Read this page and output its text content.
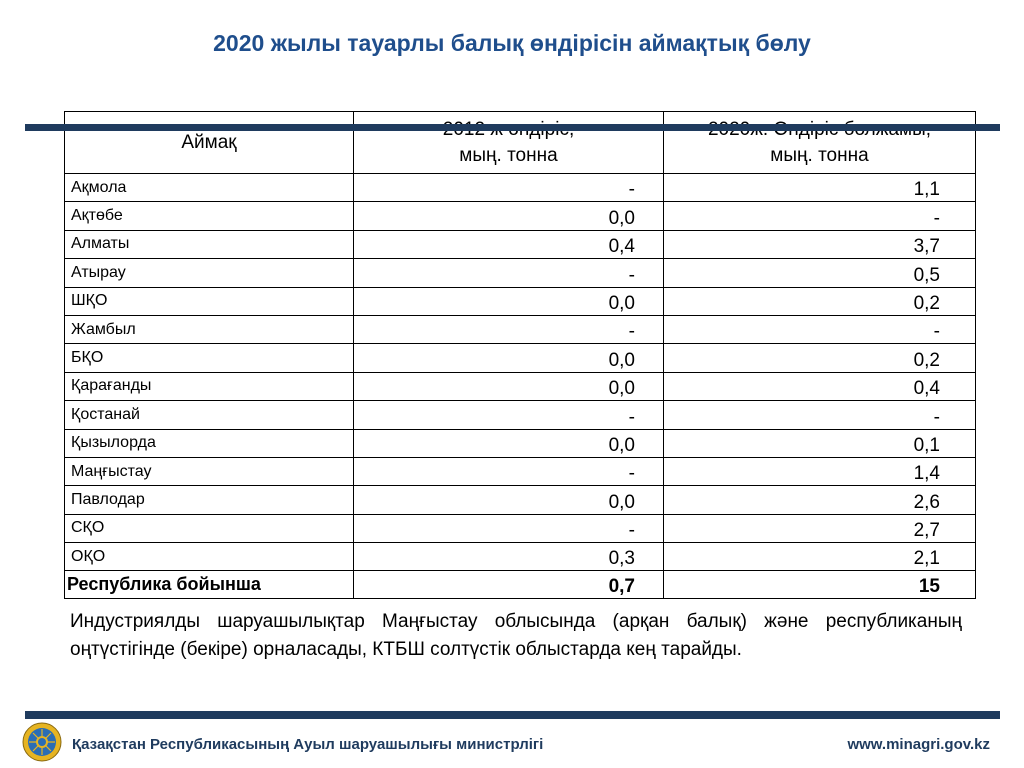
2020 жылы тауарлы балық өндірісін аймақтық бөлу
Аймақ	мың. тонна	мың. тонна
Ақмола	-	1,1
Ақтөбе	0,0	-
Алматы	0,4	3,7
Атырау	-	0,5
ШҚО	0,0	0,2
Жамбыл	-	-
БҚО	0,0	0,2
Қарағанды	0,0	0,4
Қостанай	-	-
Қызылорда	0,0	0,1
Маңғыстау	-	1,4
Павлодар	0,0	2,6
СҚО	-	2,7
ОҚО	0,3	2,1
Республика бойынша	0,7	15
Индустриялды шаруашылықтар Маңғыстау облысында (арқан балық) және республиканың оңтүстігінде (бекіре) орналасады, КТБШ солтүстік облыстарда кең тарайды.
Қазақстан Республикасының Ауыл шаруашылығы министрлігі	www.minagri.gov.kz
